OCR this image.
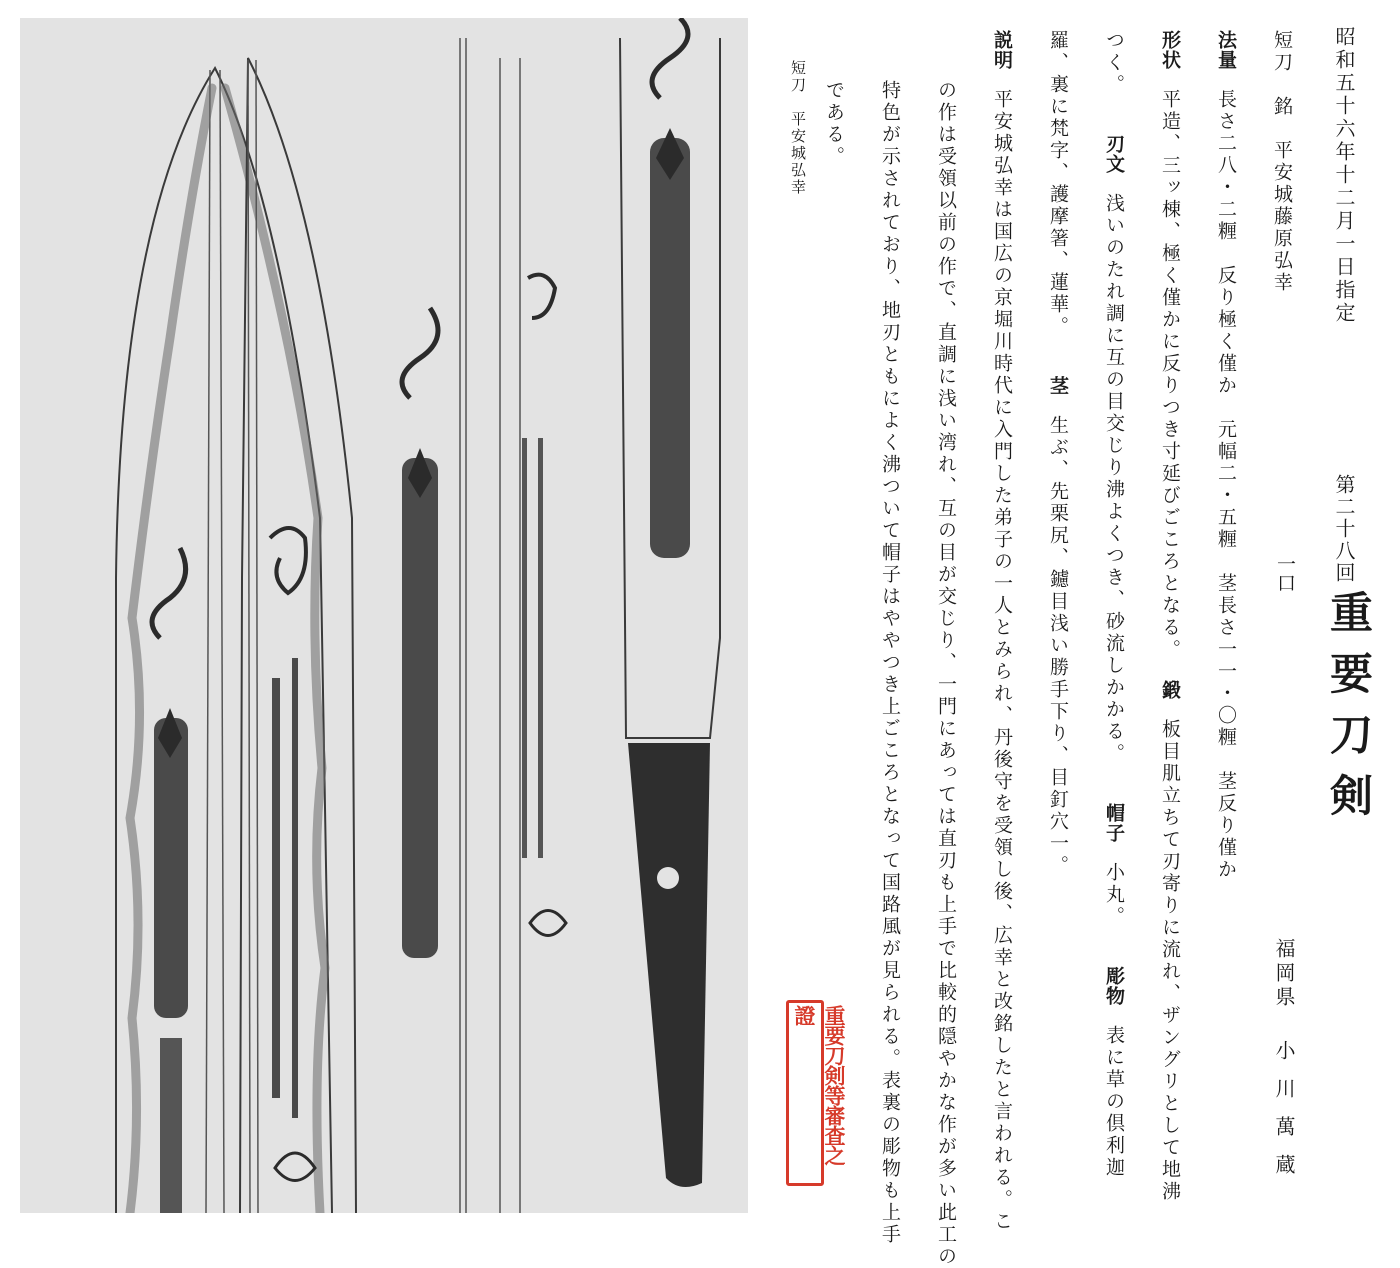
短刀　平安城弘幸
重要刀剣等審査之證
昭和五十六年十二月一日指定
第二十八回
重要刀剣
一口
福岡県
小川萬蔵
短刀　銘　平安城藤原弘幸
法量長さ二八・二糎　反り極く僅か　元幅二・五糎　茎長さ一一・〇糎　茎反り僅か
形状平造、三ッ棟、極く僅かに反りつき寸延びごころとなる。鍛板目肌立ちて刃寄りに流れ、ザングリとして地沸
つく。刃文浅いのたれ調に互の目交じり沸よくつき、砂流しかかる。帽子小丸。彫物表に草の倶利迦
羅、裏に梵字、護摩箸、蓮華。茎生ぶ、先栗尻、鑢目浅い勝手下り、目釘穴一。
説明平安城弘幸は国広の京堀川時代に入門した弟子の一人とみられ、丹後守を受領し後、広幸と改銘したと言われる。こ
の作は受領以前の作で、直調に浅い湾れ、互の目が交じり、一門にあっては直刃も上手で比較的隠やかな作が多い此工の
特色が示されており、地刃ともによく沸ついて帽子はややつき上ごころとなって国路風が見られる。表裏の彫物も上手
である。
